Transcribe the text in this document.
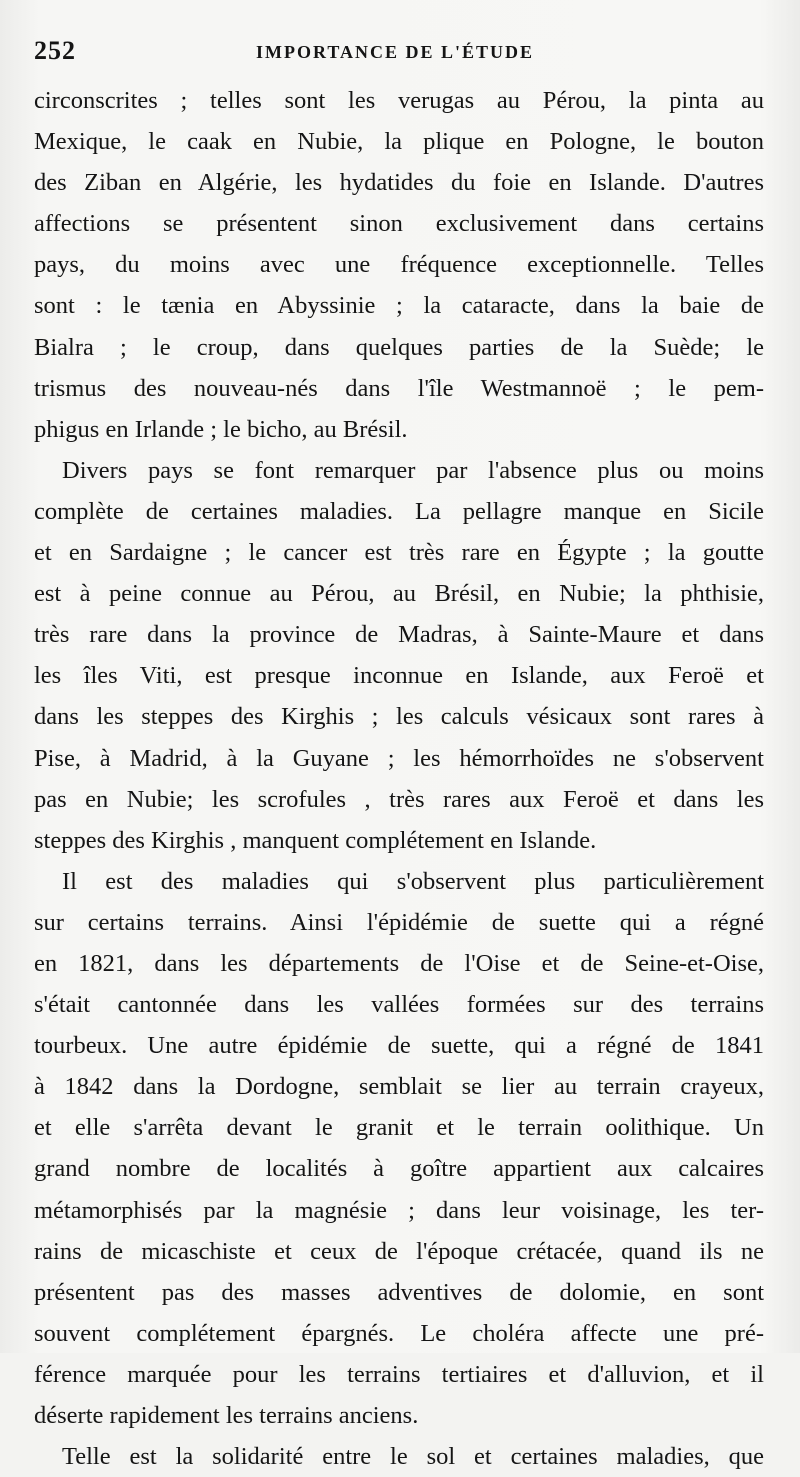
252	IMPORTANCE DE L'ÉTUDE
circonscrites ; telles sont les verugas au Pérou, la pinta au
Mexique, le caak en Nubie, la plique en Pologne, le bouton
des Ziban en Algérie, les hydatides du foie en Islande. D'autres
affections se présentent sinon exclusivement dans certains
pays, du moins avec une fréquence exceptionnelle. Telles
sont : le tænia en Abyssinie ; la cataracte, dans la baie de
Bialra ; le croup, dans quelques parties de la Suède; le
trismus des nouveau-nés dans l'île Westmannoë ; le pem-
phigus en Irlande ; le bicho, au Brésil.
Divers pays se font remarquer par l'absence plus ou moins
complète de certaines maladies. La pellagre manque en Sicile
et en Sardaigne ; le cancer est très rare en Égypte ; la goutte
est à peine connue au Pérou, au Brésil, en Nubie; la phthisie,
très rare dans la province de Madras, à Sainte-Maure et dans
les îles Viti, est presque inconnue en Islande, aux Feroë et
dans les steppes des Kirghis ; les calculs vésicaux sont rares à
Pise, à Madrid, à la Guyane ; les hémorrhoïdes ne s'observent
pas en Nubie; les scrofules , très rares aux Feroë et dans les
steppes des Kirghis , manquent complétement en Islande.
Il est des maladies qui s'observent plus particulièrement
sur certains terrains. Ainsi l'épidémie de suette qui a régné
en 1821, dans les départements de l'Oise et de Seine-et-Oise,
s'était cantonnée dans les vallées formées sur des terrains
tourbeux. Une autre épidémie de suette, qui a régné de 1841
à 1842 dans la Dordogne, semblait se lier au terrain crayeux,
et elle s'arrêta devant le granit et le terrain oolithique. Un
grand nombre de localités à goître appartient aux calcaires
métamorphisés par la magnésie ; dans leur voisinage, les ter-
rains de micaschiste et ceux de l'époque crétacée, quand ils ne
présentent pas des masses adventives de dolomie, en sont
souvent complétement épargnés. Le choléra affecte une pré-
férence marquée pour les terrains tertiaires et d'alluvion, et il
déserte rapidement les terrains anciens.
Telle est la solidarité entre le sol et certaines maladies, que
